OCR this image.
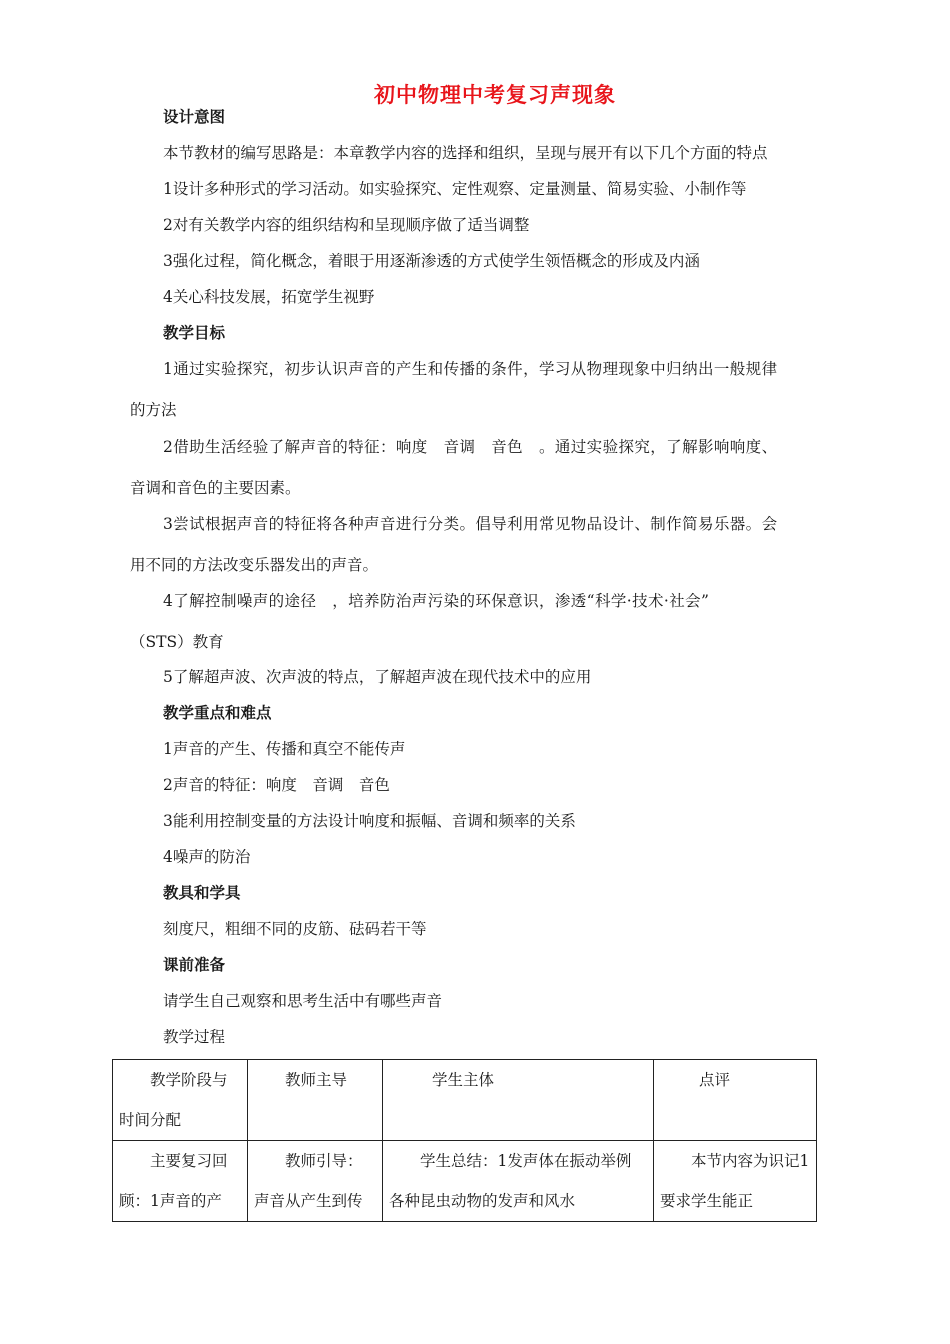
初中物理中考复习声现象
设计意图
本节教材的编写思路是：本章教学内容的选择和组织，呈现与展开有以下几个方面的特点
1设计多种形式的学习活动。如实验探究、定性观察、定量测量、简易实验、小制作等
2对有关教学内容的组织结构和呈现顺序做了适当调整
3强化过程，简化概念，着眼于用逐渐渗透的方式使学生领悟概念的形成及内涵
4关心科技发展，拓宽学生视野
教学目标
1通过实验探究，初步认识声音的产生和传播的条件，学习从物理现象中归纳出一般规律
的方法
2借助生活经验了解声音的特征：响度　音调　音色　。通过实验探究，了解影响响度、
音调和音色的主要因素。
3尝试根据声音的特征将各种声音进行分类。倡导利用常见物品设计、制作简易乐器。会
用不同的方法改变乐器发出的声音。
4了解控制噪声的途径　，培养防治声污染的环保意识，渗透“科学·技术·社会”
（STS）教育
5了解超声波、次声波的特点，了解超声波在现代技术中的应用
教学重点和难点
1声音的产生、传播和真空不能传声
2声音的特征：响度　音调　音色
3能利用控制变量的方法设计响度和振幅、音调和频率的关系
4噪声的防治
教具和学具
刻度尺，粗细不同的皮筋、砝码若干等
课前准备
请学生自己观察和思考生活中有哪些声音
教学过程
教学阶段与时间分配	教师主导	学生主体	点评

主要复习回顾：1声音的产	教师引导：声音从产生到传	学生总结：1发声体在振动举例 各种昆虫动物的发声和风水	本节内容为识记1要求学生能正
